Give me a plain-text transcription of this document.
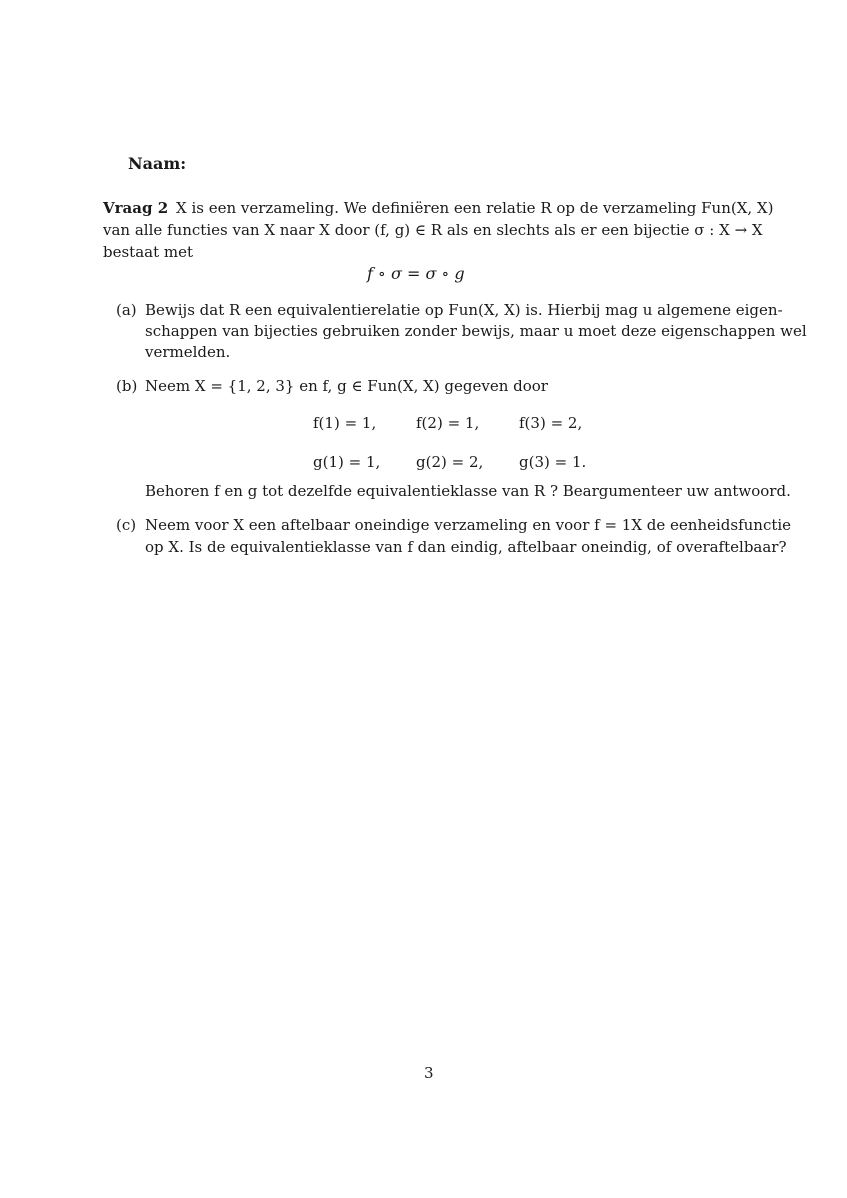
Naam:
Vraag 2 X is een verzameling. We definiëren een relatie R op de verzameling Fun(X, X)
van alle functies van X naar X door (f, g) ∈ R als en slechts als er een bijectie σ : X → X
bestaat met
f ∘ σ = σ ∘ g
(a) Bewijs dat R een equivalentierelatie op Fun(X, X) is. Hierbij mag u algemene eigen-
schappen van bijecties gebruiken zonder bewijs, maar u moet deze eigenschappen wel
vermelden.
(b) Neem X = {1, 2, 3} en f, g ∈ Fun(X, X) gegeven door
f(1) = 1,	f(2) = 1,	f(3) = 2,
g(1) = 1, g(2) = 2, g(3) = 1.
Behoren f en g tot dezelfde equivalentieklasse van R ? Beargumenteer uw antwoord.
(c) Neem voor X een aftelbaar oneindige verzameling en voor f = 1X de eenheidsfunctie
op X. Is de equivalentieklasse van f dan eindig, aftelbaar oneindig, of overaftelbaar?
3
